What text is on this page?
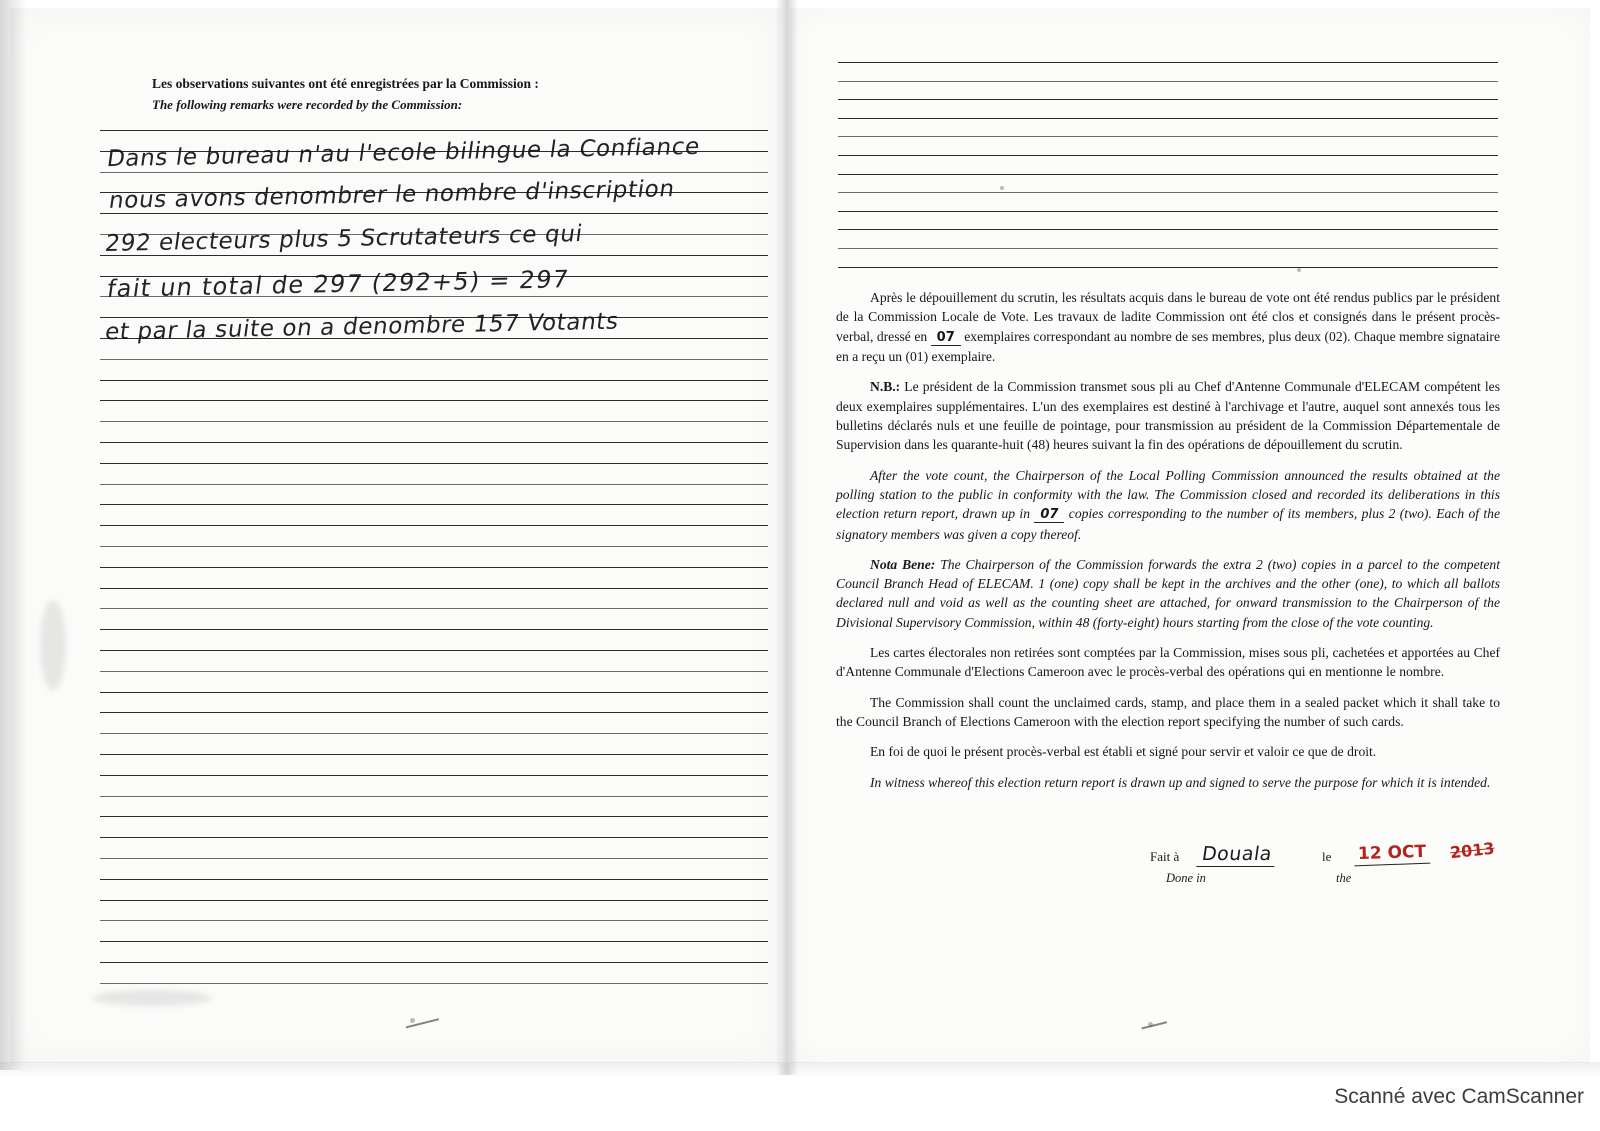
Les observations suivantes ont été enregistrées par la Commission :
The following remarks were recorded by the Commission:
Dans le bureau n'au l'ecole bilingue la Confiance
nous avons denombrer le nombre d'inscription
292 electeurs plus 5 Scrutateurs ce qui
fait un total de 297 (292+5) = 297
et par la suite on a denombre 157 Votants

Après le dépouillement du scrutin, les résultats acquis dans le bureau de vote ont été rendus publics par le président de la Commission Locale de Vote. Les travaux de ladite Commission ont été clos et consignés dans le présent procès-verbal, dressé en 07 exemplaires correspondant au nombre de ses membres, plus deux (02). Chaque membre signataire en a reçu un (01) exemplaire.

N.B.: Le président de la Commission transmet sous pli au Chef d'Antenne Communale d'ELECAM compétent les deux exemplaires supplémentaires. L'un des exemplaires est destiné à l'archivage et l'autre, auquel sont annexés tous les bulletins déclarés nuls et une feuille de pointage, pour transmission au président de la Commission Départementale de Supervision dans les quarante-huit (48) heures suivant la fin des opérations de dépouillement du scrutin.

After the vote count, the Chairperson of the Local Polling Commission announced the results obtained at the polling station to the public in conformity with the law. The Commission closed and recorded its deliberations in this election return report, drawn up in 07 copies corresponding to the number of its members, plus 2 (two). Each of the signatory members was given a copy thereof.

Nota Bene: The Chairperson of the Commission forwards the extra 2 (two) copies in a parcel to the competent Council Branch Head of ELECAM. 1 (one) copy shall be kept in the archives and the other (one), to which all ballots declared null and void as well as the counting sheet are attached, for onward transmission to the Chairperson of the Divisional Supervisory Commission, within 48 (forty-eight) hours starting from the close of the vote counting.

Les cartes électorales non retirées sont comptées par la Commission, mises sous pli, cachetées et apportées au Chef d'Antenne Communale d'Elections Cameroon avec le procès-verbal des opérations qui en mentionne le nombre.

The Commission shall count the unclaimed cards, stamp, and place them in a sealed packet which it shall take to the Council Branch of Elections Cameroon with the election report specifying the number of such cards.

En foi de quoi le présent procès-verbal est établi et signé pour servir et valoir ce que de droit.

In witness whereof this election return report is drawn up and signed to serve the purpose for which it is intended.

Fait à Douala	le 12 OCT 2013
Done in	the
Scanné avec CamScanner
